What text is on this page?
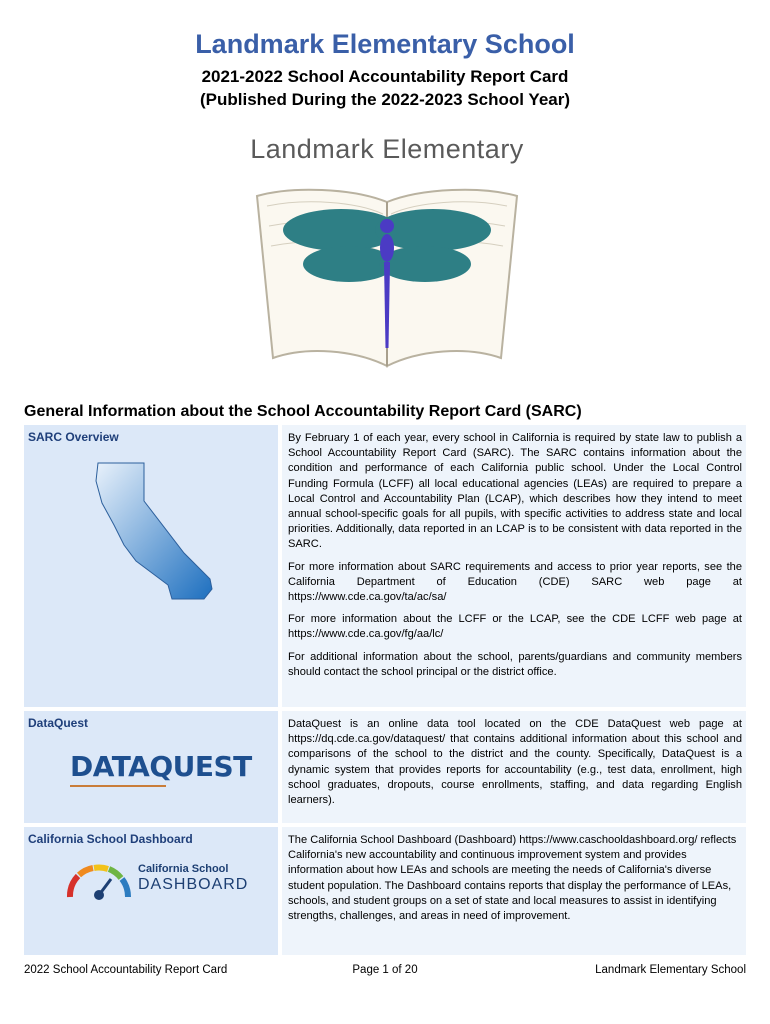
Landmark Elementary School
2021-2022 School Accountability Report Card
(Published During the 2022-2023 School Year)
Landmark Elementary
General Information about the School Accountability Report Card (SARC)
SARC Overview	By February 1 of each year, every school in California is required by state law to publish a School Accountability Report Card (SARC). The SARC contains information about the condition and performance of each California public school. Under the Local Control Funding Formula (LCFF) all local educational agencies (LEAs) are required to prepare a Local Control and Accountability Plan (LCAP), which describes how they intend to meet annual school-specific goals for all pupils, with specific activities to address state and local priorities. Additionally, data reported in an LCAP is to be consistent with data reported in the SARC.

For more information about SARC requirements and access to prior year reports, see the California Department of Education (CDE) SARC web page at https://www.cde.ca.gov/ta/ac/sa/

For more information about the LCFF or the LCAP, see the CDE LCFF web page at https://www.cde.ca.gov/fg/aa/lc/

For additional information about the school, parents/guardians and community members should contact the school principal or the district office.

DataQuest
DATAQUEST

DataQuest is an online data tool located on the CDE DataQuest web page at https://dq.cde.ca.gov/dataquest/ that contains additional information about this school and comparisons of the school to the district and the county. Specifically, DataQuest is a dynamic system that provides reports for accountability (e.g., test data, enrollment, high school graduates, dropouts, course enrollments, staffing, and data regarding English learners).

California School Dashboard
California School
DASHBOARD

The California School Dashboard (Dashboard) https://www.caschooldashboard.org/ reflects California's new accountability and continuous improvement system and provides information about how LEAs and schools are meeting the needs of California's diverse student population. The Dashboard contains reports that display the performance of LEAs, schools, and student groups on a set of state and local measures to assist in identifying strengths, challenges, and areas in need of improvement.

2022 School Accountability Report Card	Page 1 of 20	Landmark Elementary School
